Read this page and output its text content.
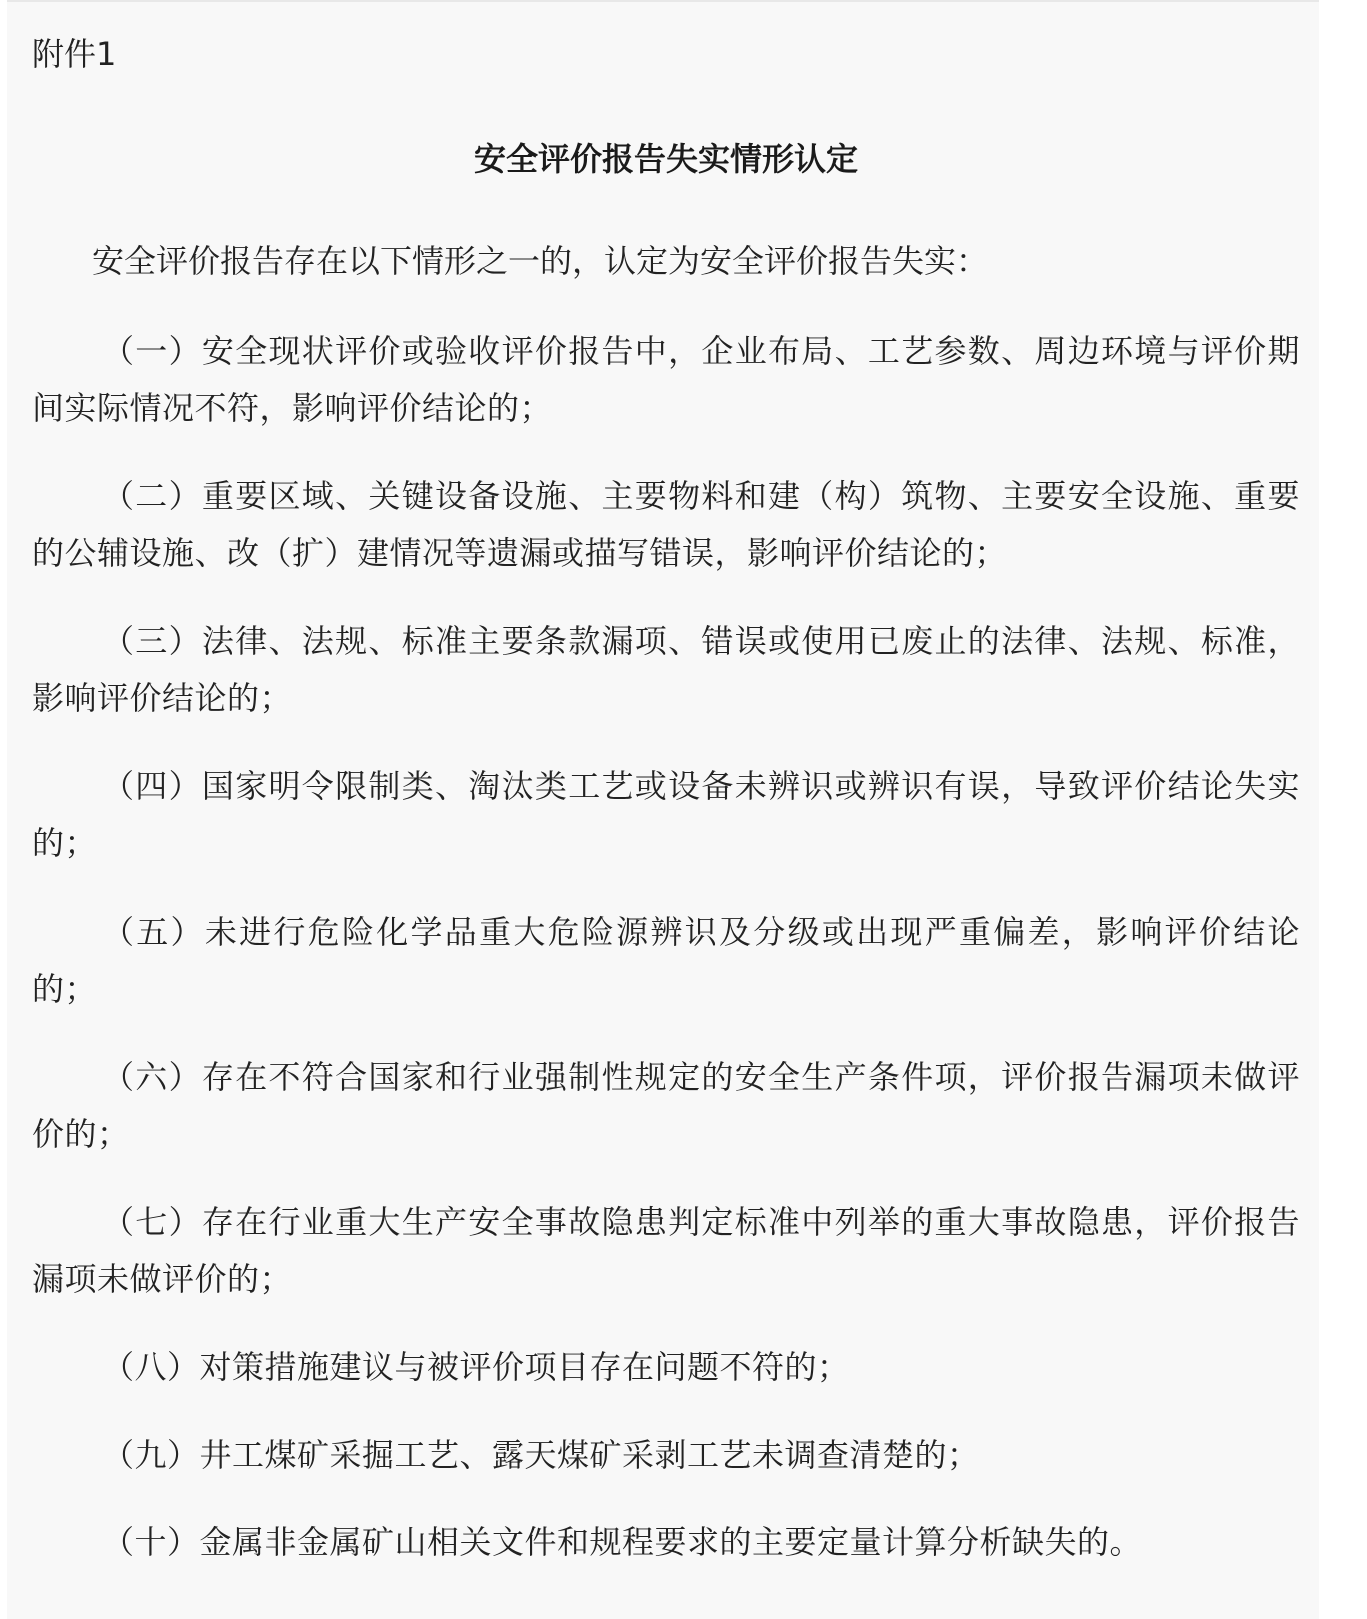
附件1

安全评价报告失实情形认定

安全评价报告存在以下情形之一的，认定为安全评价报告失实：

（一）安全现状评价或验收评价报告中，企业布局、工艺参数、周边环境与评价期间实际情况不符，影响评价结论的；

（二）重要区域、关键设备设施、主要物料和建（构）筑物、主要安全设施、重要的公辅设施、改（扩）建情况等遗漏或描写错误，影响评价结论的；

（三）法律、法规、标准主要条款漏项、错误或使用已废止的法律、法规、标准，影响评价结论的；

（四）国家明令限制类、淘汰类工艺或设备未辨识或辨识有误，导致评价结论失实的；

（五）未进行危险化学品重大危险源辨识及分级或出现严重偏差，影响评价结论的；

（六）存在不符合国家和行业强制性规定的安全生产条件项，评价报告漏项未做评价的；

（七）存在行业重大生产安全事故隐患判定标准中列举的重大事故隐患，评价报告漏项未做评价的；

（八）对策措施建议与被评价项目存在问题不符的；

（九）井工煤矿采掘工艺、露天煤矿采剥工艺未调查清楚的；

（十）金属非金属矿山相关文件和规程要求的主要定量计算分析缺失的。
